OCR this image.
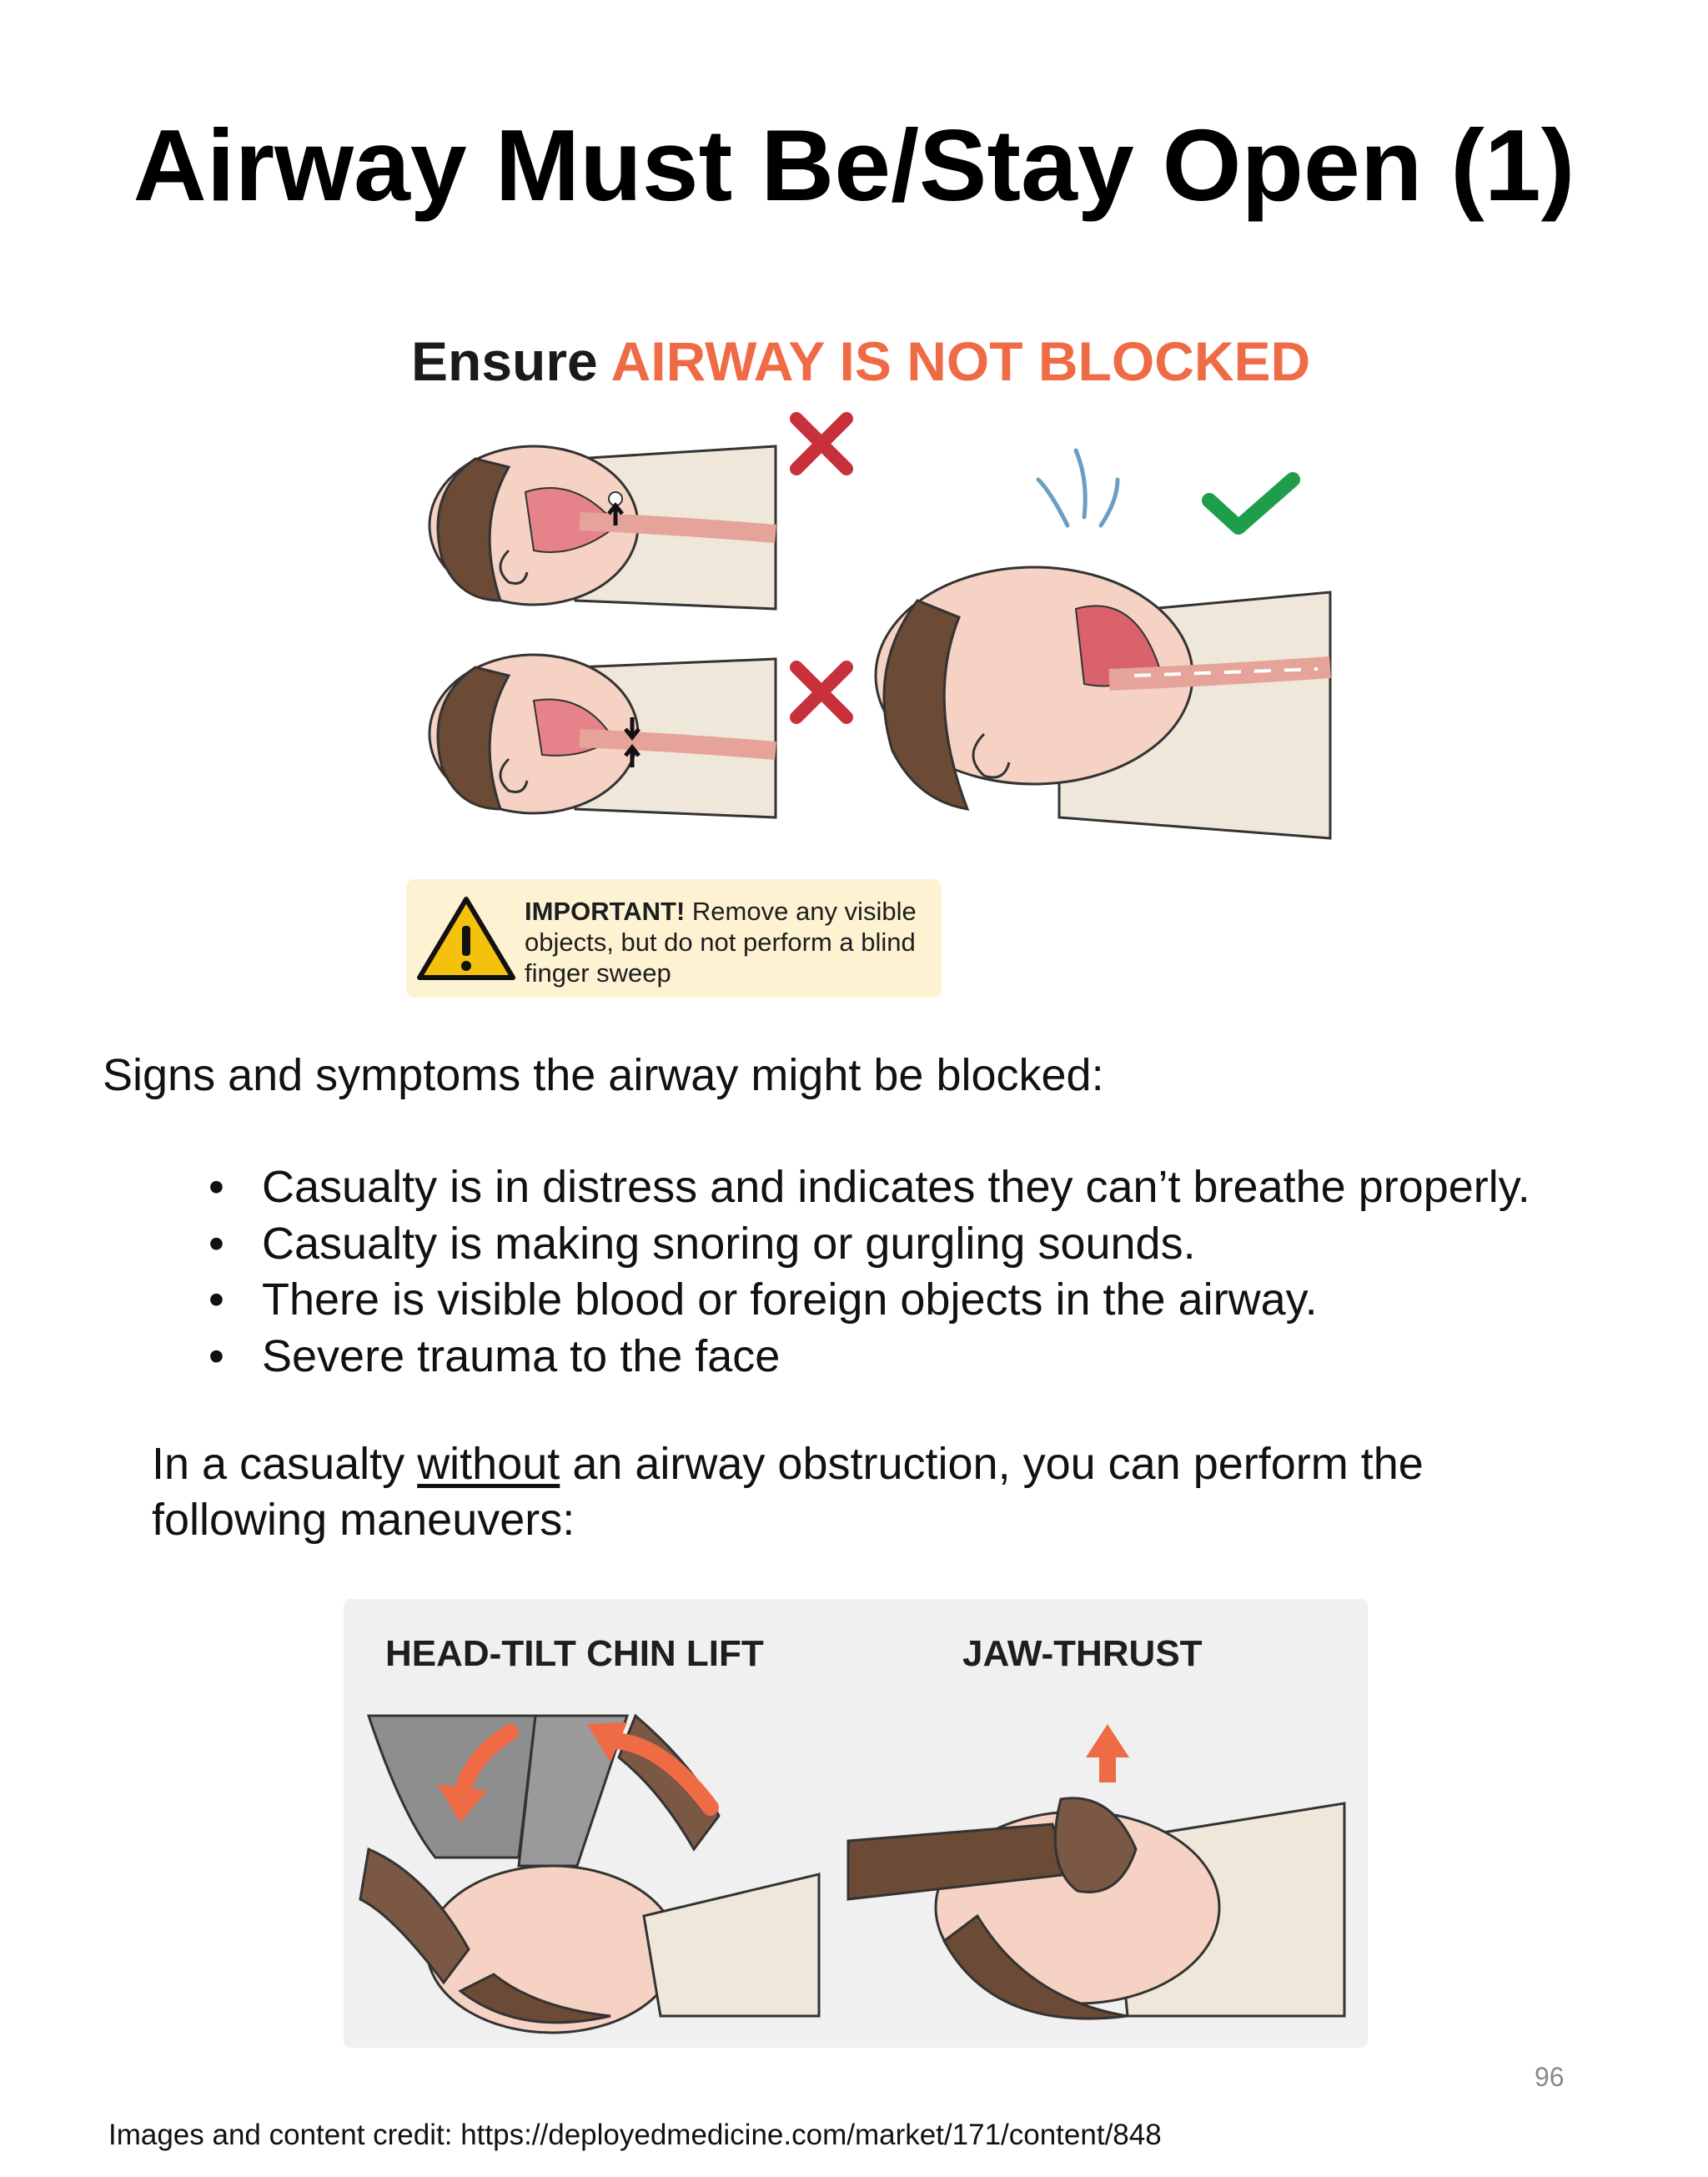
Airway Must Be/Stay Open (1)

Ensure AIRWAY IS NOT BLOCKED

IMPORTANT! Remove any visible objects, but do not perform a blind finger sweep

Signs and symptoms the airway might be blocked:

• Casualty is in distress and indicates they can’t breathe properly.
• Casualty is making snoring or gurgling sounds.
• There is visible blood or foreign objects in the airway.
• Severe trauma to the face

In a casualty without an airway obstruction, you can perform the following maneuvers:

HEAD-TILT CHIN LIFT	JAW-THRUST

96

Images and content credit: https://deployedmedicine.com/market/171/content/848
